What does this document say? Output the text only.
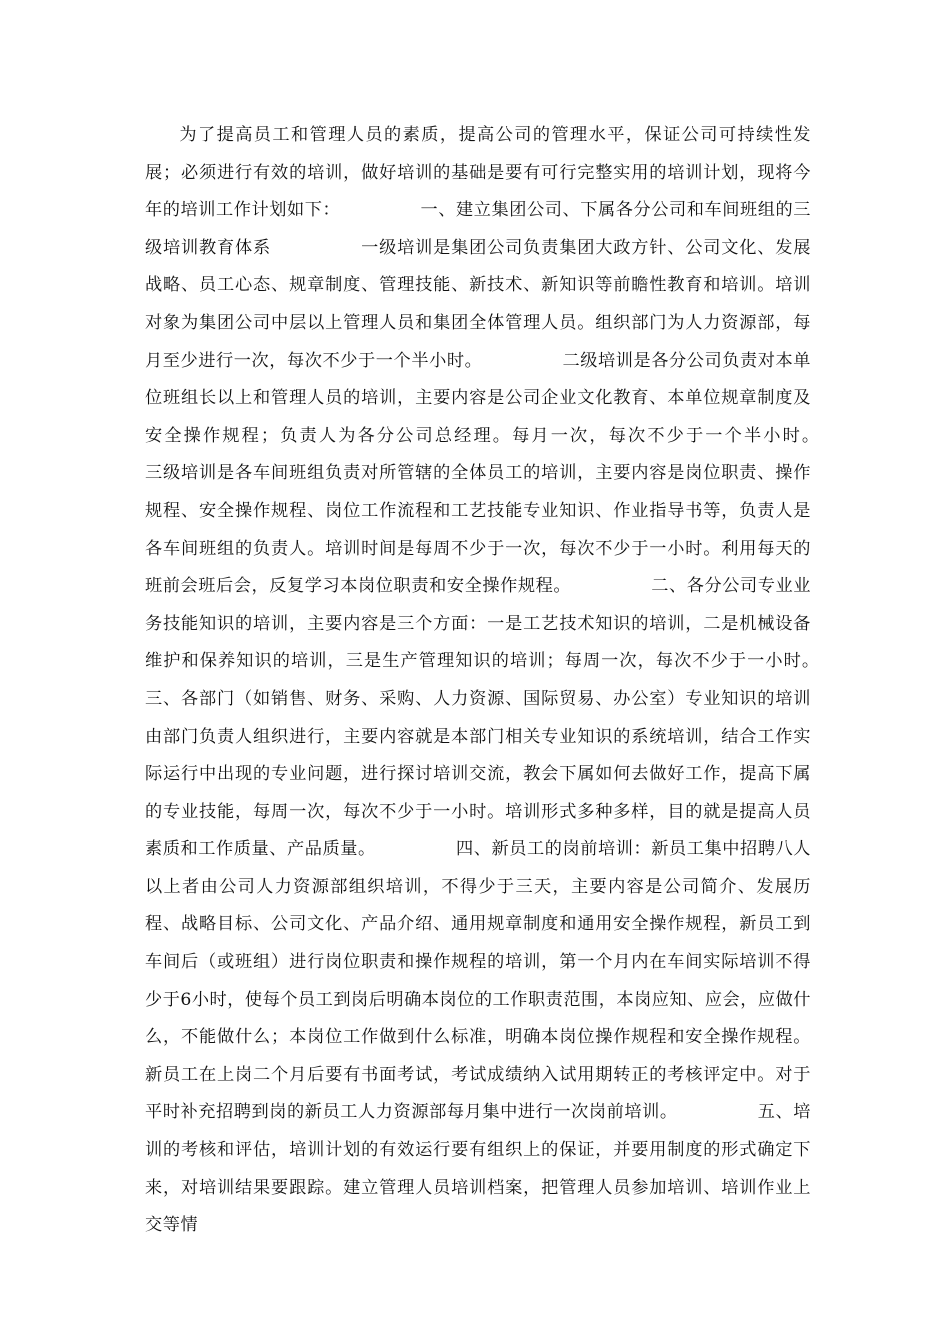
为了提高员工和管理人员的素质，提高公司的管理水平，保证公司可持续性发展；必须进行有效的培训，做好培训的基础是要有可行完整实用的培训计划，现将今年的培训工作计划如下：　　　　　一、建立集团公司、下属各分公司和车间班组的三级培训教育体系　　　　　一级培训是集团公司负责集团大政方针、公司文化、发展战略、员工心态、规章制度、管理技能、新技术、新知识等前瞻性教育和培训。培训对象为集团公司中层以上管理人员和集团全体管理人员。组织部门为人力资源部，每月至少进行一次，每次不少于一个半小时。　　　　　二级培训是各分公司负责对本单位班组长以上和管理人员的培训，主要内容是公司企业文化教育、本单位规章制度及安全操作规程；负责人为各分公司总经理。每月一次，每次不少于一个半小时。　　　　　三级培训是各车间班组负责对所管辖的全体员工的培训，主要内容是岗位职责、操作规程、安全操作规程、岗位工作流程和工艺技能专业知识、作业指导书等，负责人是各车间班组的负责人。培训时间是每周不少于一次，每次不少于一小时。利用每天的班前会班后会，反复学习本岗位职责和安全操作规程。　　　　　二、各分公司专业业务技能知识的培训，主要内容是三个方面：一是工艺技术知识的培训，二是机械设备维护和保养知识的培训，三是生产管理知识的培训；每周一次，每次不少于一小时。　　　　　三、各部门（如销售、财务、采购、人力资源、国际贸易、办公室）专业知识的培训由部门负责人组织进行，主要内容就是本部门相关专业知识的系统培训，结合工作实际运行中出现的专业问题，进行探讨培训交流，教会下属如何去做好工作，提高下属的专业技能，每周一次，每次不少于一小时。培训形式多种多样，目的就是提高人员素质和工作质量、产品质量。　　　　　四、新员工的岗前培训：新员工集中招聘八人以上者由公司人力资源部组织培训，不得少于三天，主要内容是公司简介、发展历程、战略目标、公司文化、产品介绍、通用规章制度和通用安全操作规程，新员工到车间后（或班组）进行岗位职责和操作规程的培训，第一个月内在车间实际培训不得少于6小时，使每个员工到岗后明确本岗位的工作职责范围，本岗应知、应会，应做什么，不能做什么；本岗位工作做到什么标准，明确本岗位操作规程和安全操作规程。新员工在上岗二个月后要有书面考试，考试成绩纳入试用期转正的考核评定中。对于平时补充招聘到岗的新员工人力资源部每月集中进行一次岗前培训。　　　　　五、培训的考核和评估，培训计划的有效运行要有组织上的保证，并要用制度的形式确定下来，对培训结果要跟踪。建立管理人员培训档案，把管理人员参加培训、培训作业上交等情
